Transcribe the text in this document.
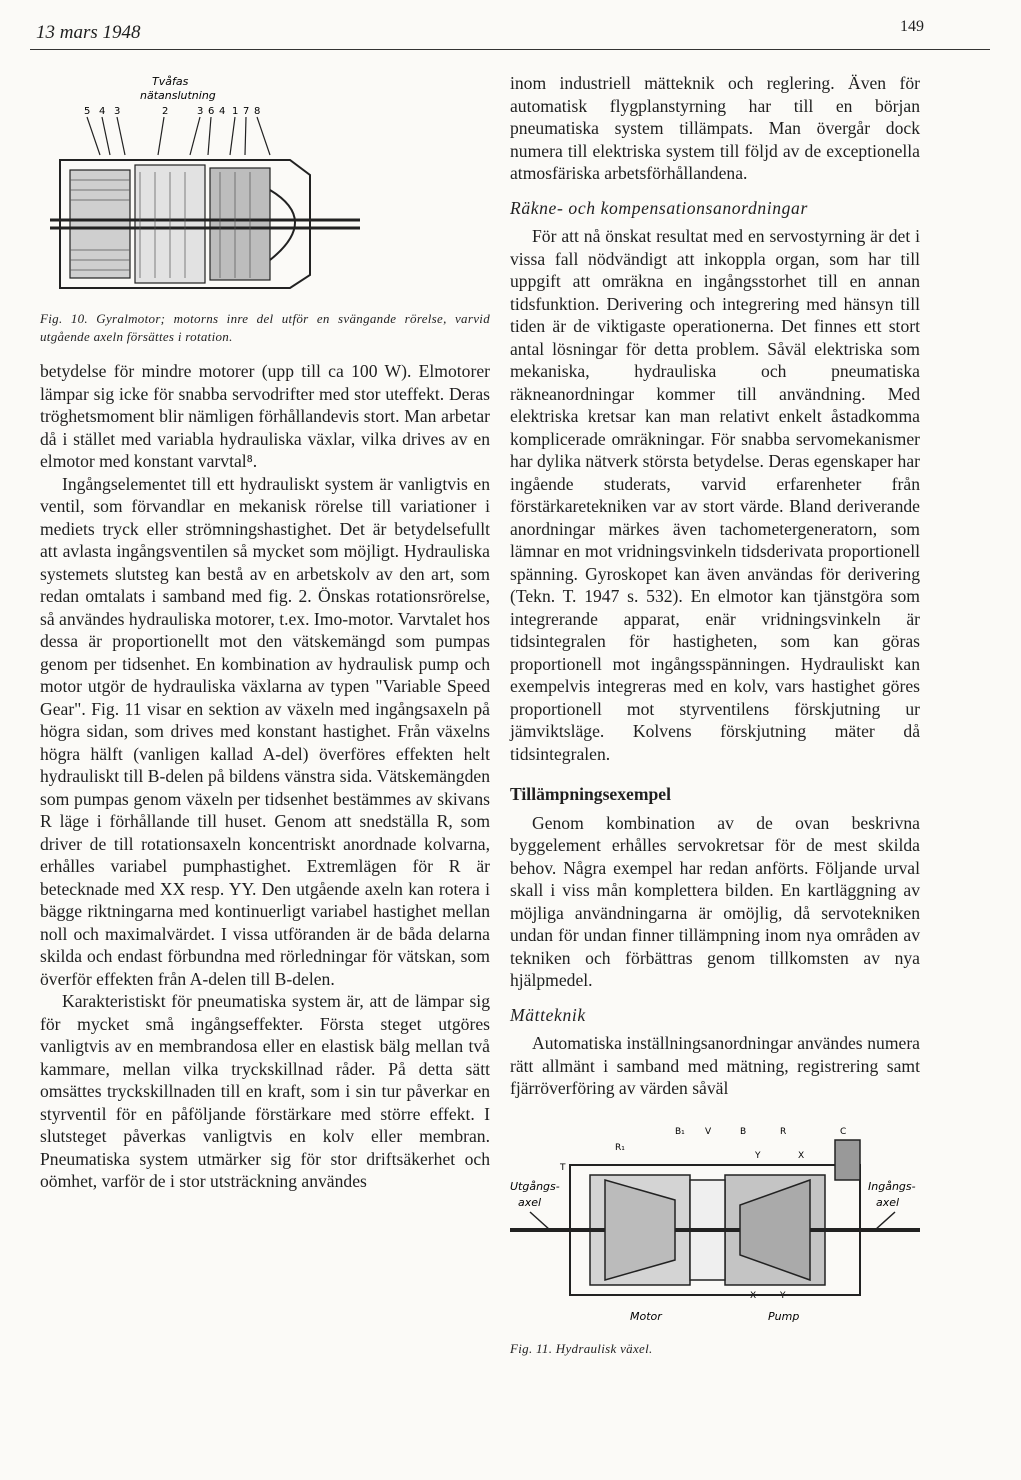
13 mars 1948	149
Tvåfas
nätanslutning
5 4 3	2	3 6 4 1 7 8
Fig. 10. Gyralmotor; motorns inre del utför en svängande rörelse, varvid utgående axeln försättes i rotation.

betydelse för mindre motorer (upp till ca 100 W). Elmotorer lämpar sig icke för snabba servodrifter med stor uteffekt. Deras tröghetsmoment blir nämligen förhållandevis stort. Man arbetar då i stället med variabla hydrauliska växlar, vilka drives av en elmotor med konstant varvtal⁸.

Ingångselementet till ett hydrauliskt system är vanligtvis en ventil, som förvandlar en mekanisk rörelse till variationer i mediets tryck eller strömningshastighet. Det är betydelsefullt att avlasta ingångsventilen så mycket som möjligt. Hydrauliska systemets slutsteg kan bestå av en arbetskolv av den art, som redan omtalats i samband med fig. 2. Önskas rotationsrörelse, så användes hydrauliska motorer, t.ex. Imo-motor. Varvtalet hos dessa är proportionellt mot den vätskemängd som pumpas genom per tidsenhet. En kombination av hydraulisk pump och motor utgör de hydrauliska växlarna av typen "Variable Speed Gear". Fig. 11 visar en sektion av växeln med ingångsaxeln på högra sidan, som drives med konstant hastighet. Från växelns högra hälft (vanligen kallad A-del) överföres effekten helt hydrauliskt till B-delen på bildens vänstra sida. Vätskemängden som pumpas genom växeln per tidsenhet bestämmes av skivans R läge i förhållande till huset. Genom att snedställa R, som driver de till rotationsaxeln koncentriskt anordnade kolvarna, erhålles variabel pumphastighet. Extremlägen för R är betecknade med XX resp. YY. Den utgående axeln kan rotera i bägge riktningarna med kontinuerligt variabel hastighet mellan noll och maximalvärdet. I vissa utföranden är de båda delarna skilda och endast förbundna med rörledningar för vätskan, som överför effekten från A-delen till B-delen.

Karakteristiskt för pneumatiska system är, att de lämpar sig för mycket små ingångseffekter. Första steget utgöres vanligtvis av en membrandosa eller en elastisk bälg mellan två kammare, mellan vilka tryckskillnad råder. På detta sätt omsättes tryckskillnaden till en kraft, som i sin tur påverkar en styrventil för en påföljande förstärkare med större effekt. I slutsteget påverkas vanligtvis en kolv eller membran. Pneumatiska system utmärker sig för stor driftsäkerhet och oömhet, varför de i stor utsträckning användes

inom industriell mätteknik och reglering. Även för automatisk flygplanstyrning har till en början pneumatiska system tillämpats. Man övergår dock numera till elektriska system till följd av de exceptionella atmosfäriska arbetsförhållandena.

Räkne- och kompensationsanordningar

För att nå önskat resultat med en servostyrning är det i vissa fall nödvändigt att inkoppla organ, som har till uppgift att omräkna en ingångsstorhet till en annan tidsfunktion. Derivering och integrering med hänsyn till tiden är de viktigaste operationerna. Det finnes ett stort antal lösningar för detta problem. Såväl elektriska som mekaniska, hydrauliska och pneumatiska räkneanordningar kommer till användning. Med elektriska kretsar kan man relativt enkelt åstadkomma komplicerade omräkningar. För snabba servomekanismer har dylika nätverk största betydelse. Deras egenskaper har ingående studerats, varvid erfarenheter från förstärkaretekniken var av stort värde. Bland deriverande anordningar märkes även tachometergeneratorn, som lämnar en mot vridningsvinkeln tidsderivata proportionell spänning. Gyroskopet kan även användas för derivering (Tekn. T. 1947 s. 532). En elmotor kan tjänstgöra som integrerande apparat, enär vridningsvinkeln är tidsintegralen för hastigheten, som kan göras proportionell mot ingångsspänningen. Hydrauliskt kan exempelvis integreras med en kolv, vars hastighet göres proportionell mot styrventilens förskjutning ur jämviktsläge. Kolvens förskjutning mäter då tidsintegralen.

Tillämpningsexempel

Genom kombination av de ovan beskrivna byggelement erhålles servokretsar för de mest skilda behov. Några exempel har redan anförts. Följande urval skall i viss mån komplettera bilden. En kartläggning av möjliga användningarna är omöjlig, då servotekniken undan för undan finner tillämpning inom nya områden av tekniken och förbättras genom tillkomsten av nya hjälpmedel.

Mätteknik

Automatiska inställningsanordningar användes numera rätt allmänt i samband med mätning, registrering samt fjärröverföring av värden såväl

B₁ V	B	R
R₁
T
X
C
Y
X	Y
Utgångs-
axel
Ingångs-
axel
Motor	Pump
Fig. 11. Hydraulisk växel.
